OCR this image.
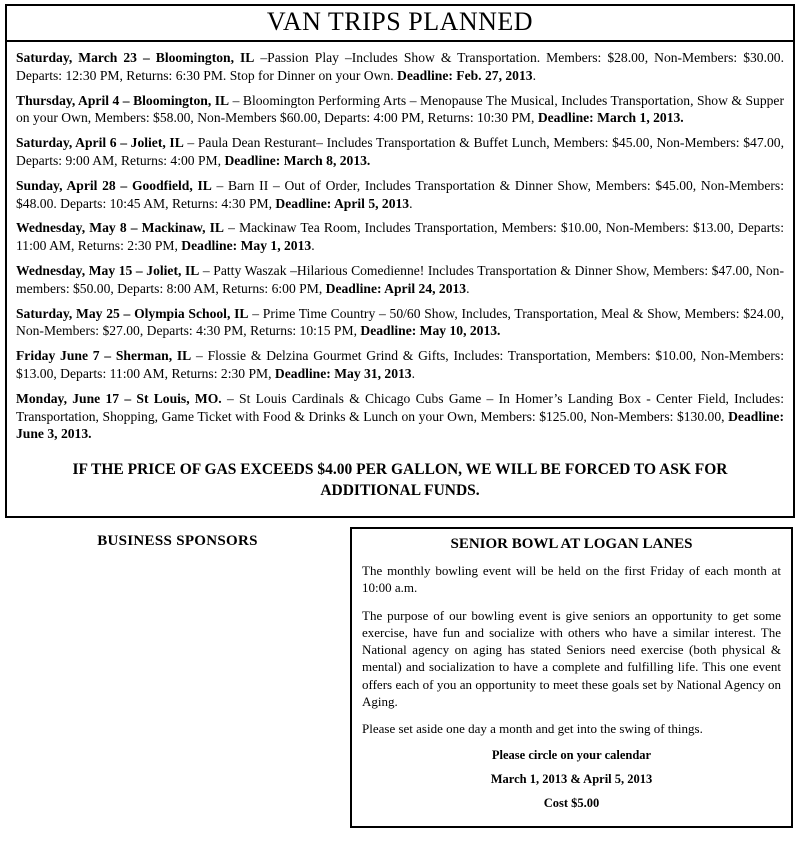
VAN TRIPS PLANNED

Saturday, March 23 – Bloomington, IL –Passion Play –Includes Show & Transportation. Members: $28.00, Non-Members: $30.00. Departs: 12:30 PM, Returns: 6:30 PM. Stop for Dinner on your Own. Deadline: Feb. 27, 2013.

Thursday, April 4 – Bloomington, IL – Bloomington Performing Arts – Menopause The Musical, Includes Transportation, Show & Supper on your Own, Members: $58.00, Non-Members $60.00, Departs: 4:00 PM, Returns: 10:30 PM, Deadline: March 1, 2013.

Saturday, April 6 – Joliet, IL – Paula Dean Resturant– Includes Transportation & Buffet Lunch, Members: $45.00, Non-Members: $47.00, Departs: 9:00 AM, Returns: 4:00 PM, Deadline: March 8, 2013.

Sunday, April 28 – Goodfield, IL – Barn II – Out of Order, Includes Transportation & Dinner Show, Members: $45.00, Non-Members: $48.00. Departs: 10:45 AM, Returns: 4:30 PM, Deadline: April 5, 2013.

Wednesday, May 8 – Mackinaw, IL – Mackinaw Tea Room, Includes Transportation, Members: $10.00, Non-Members: $13.00, Departs: 11:00 AM, Returns: 2:30 PM, Deadline: May 1, 2013.

Wednesday, May 15 – Joliet, IL – Patty Waszak –Hilarious Comedienne! Includes Transportation & Dinner Show, Members: $47.00, Non-members: $50.00, Departs: 8:00 AM, Returns: 6:00 PM, Deadline: April 24, 2013.

Saturday, May 25 – Olympia School, IL – Prime Time Country – 50/60 Show, Includes, Transportation, Meal & Show, Members: $24.00, Non-Members: $27.00, Departs: 4:30 PM, Returns: 10:15 PM, Deadline: May 10, 2013.

Friday June 7 – Sherman, IL – Flossie & Delzina Gourmet Grind & Gifts, Includes: Transportation, Members: $10.00, Non-Members: $13.00, Departs: 11:00 AM, Returns: 2:30 PM, Deadline: May 31, 2013.

Monday, June 17 – St Louis, MO. – St Louis Cardinals & Chicago Cubs Game – In Homer’s Landing Box - Center Field, Includes: Transportation, Shopping, Game Ticket with Food & Drinks & Lunch on your Own, Members: $125.00, Non-Members: $130.00, Deadline: June 3, 2013.

IF THE PRICE OF GAS EXCEEDS $4.00 PER GALLON, WE WILL BE FORCED TO ASK FOR ADDITIONAL FUNDS.

BUSINESS SPONSORS	SENIOR BOWL AT LOGAN LANES

The monthly bowling event will be held on the first Friday of each month at 10:00 a.m.

The purpose of our bowling event is give seniors an opportunity to get some exercise, have fun and socialize with others who have a similar interest. The National agency on aging has stated Seniors need exercise (both physical & mental) and socialization to have a complete and fulfilling life. This one event offers each of you an opportunity to meet these goals set by National Agency on Aging.

Please set aside one day a month and get into the swing of things.

Please circle on your calendar

March 1, 2013 & April 5, 2013

Cost $5.00
